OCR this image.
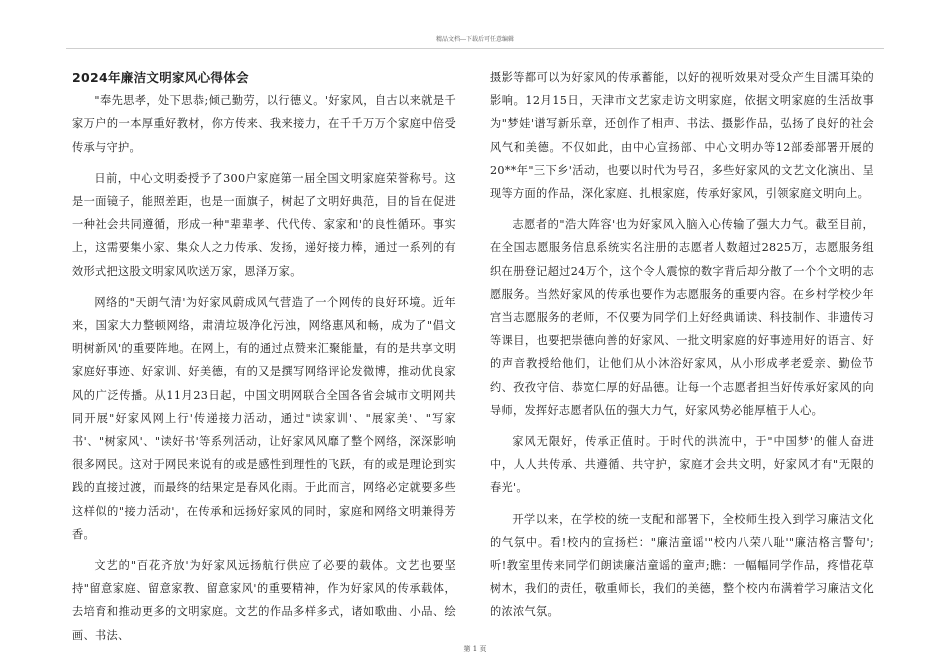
精品文档---下载后可任意编辑
2024年廉洁文明家风心得体会

"奉先思孝，处下思恭;倾己勤劳，以行德义。'好家风，自古以来就是千家万户的一本厚重好教材，你方传来、我来接力，在千千万万个家庭中倍受传承与守护。

日前，中心文明委授予了300户家庭第一届全国文明家庭荣誉称号。这是一面镜子，能照差距，也是一面旗子，树起了文明好典范，目的旨在促进一种社会共同遵循，形成一种"辈辈孝、代代传、家家和'的良性循环。事实上，这需要集小家、集众人之力传承、发扬，递好接力棒，通过一系列的有效形式把这股文明家风吹送万家，恩泽万家。

网络的"天朗气清'为好家风蔚成风气营造了一个网传的良好环境。近年来，国家大力整顿网络，肃清垃圾净化污浊，网络惠风和畅，成为了"倡文明树新风'的重要阵地。在网上，有的通过点赞来汇聚能量，有的是共享文明家庭好事迹、好家训、好美德，有的又是撰写网络评论发微博，推动优良家风的广泛传播。从11月23日起，中国文明网联合全国各省会城市文明网共同开展"好家风网上行'传递接力活动，通过"读家训'、"展家美'、"写家书'、"树家风'、"读好书'等系列活动，让好家风风靡了整个网络，深深影响很多网民。这对于网民来说有的或是感性到理性的飞跃，有的或是理论到实践的直接过渡，而最终的结果定是春风化雨。于此而言，网络必定就要多些这样似的"接力活动'，在传承和远扬好家风的同时，家庭和网络文明兼得芳香。

文艺的"百花齐放'为好家风远扬航行供应了必要的载体。文艺也要坚持"留意家庭、留意家教、留意家风'的重要精神，作为好家风的传承载体，去培育和推动更多的文明家庭。文艺的作品多样多式，诸如歌曲、小品、绘画、书法、

摄影等都可以为好家风的传承蓄能，以好的视听效果对受众产生目濡耳染的影响。12月15日，天津市文艺家走访文明家庭，依据文明家庭的生活故事为"梦娃'谱写新乐章，还创作了相声、书法、摄影作品，弘扬了良好的社会风气和美德。不仅如此，由中心宣扬部、中心文明办等12部委部署开展的20**年"三下乡'活动，也要以时代为号召，多些好家风的文艺文化演出、呈现等方面的作品，深化家庭、扎根家庭，传承好家风，引领家庭文明向上。

志愿者的"浩大阵容'也为好家风入脑入心传输了强大力气。截至目前，在全国志愿服务信息系统实名注册的志愿者人数超过2825万，志愿服务组织在册登记超过24万个，这个令人震惊的数字背后却分散了一个个文明的志愿服务。当然好家风的传承也要作为志愿服务的重要内容。在乡村学校少年宫当志愿服务的老师，不仅要为同学们上好经典诵读、科技制作、非遗传习等课目，也要把崇德向善的好家风、一批文明家庭的好事迹用好的语言、好的声音教授给他们，让他们从小沐浴好家风，从小形成孝老爱亲、勤俭节约、孜孜守信、恭宽仁厚的好品德。让每一个志愿者担当好传承好家风的向导师，发挥好志愿者队伍的强大力气，好家风势必能厚植于人心。

家风无限好，传承正值时。于时代的洪流中，于"中国梦'的催人奋进中，人人共传承、共遵循、共守护，家庭才会共文明，好家风才有"无限的春光'。

开学以来，在学校的统一支配和部署下，全校师生投入到学习廉洁文化的气氛中。看!校内的宣扬栏："廉洁童谣'"校内八荣八耻'"廉洁格言警句';听!教室里传来同学们朗读廉洁童谣的童声;瞧：一幅幅同学作品，疼惜花草树木，我们的责任，敬重师长，我们的美德，整个校内布满着学习廉洁文化的浓浓气氛。

第 1 页
